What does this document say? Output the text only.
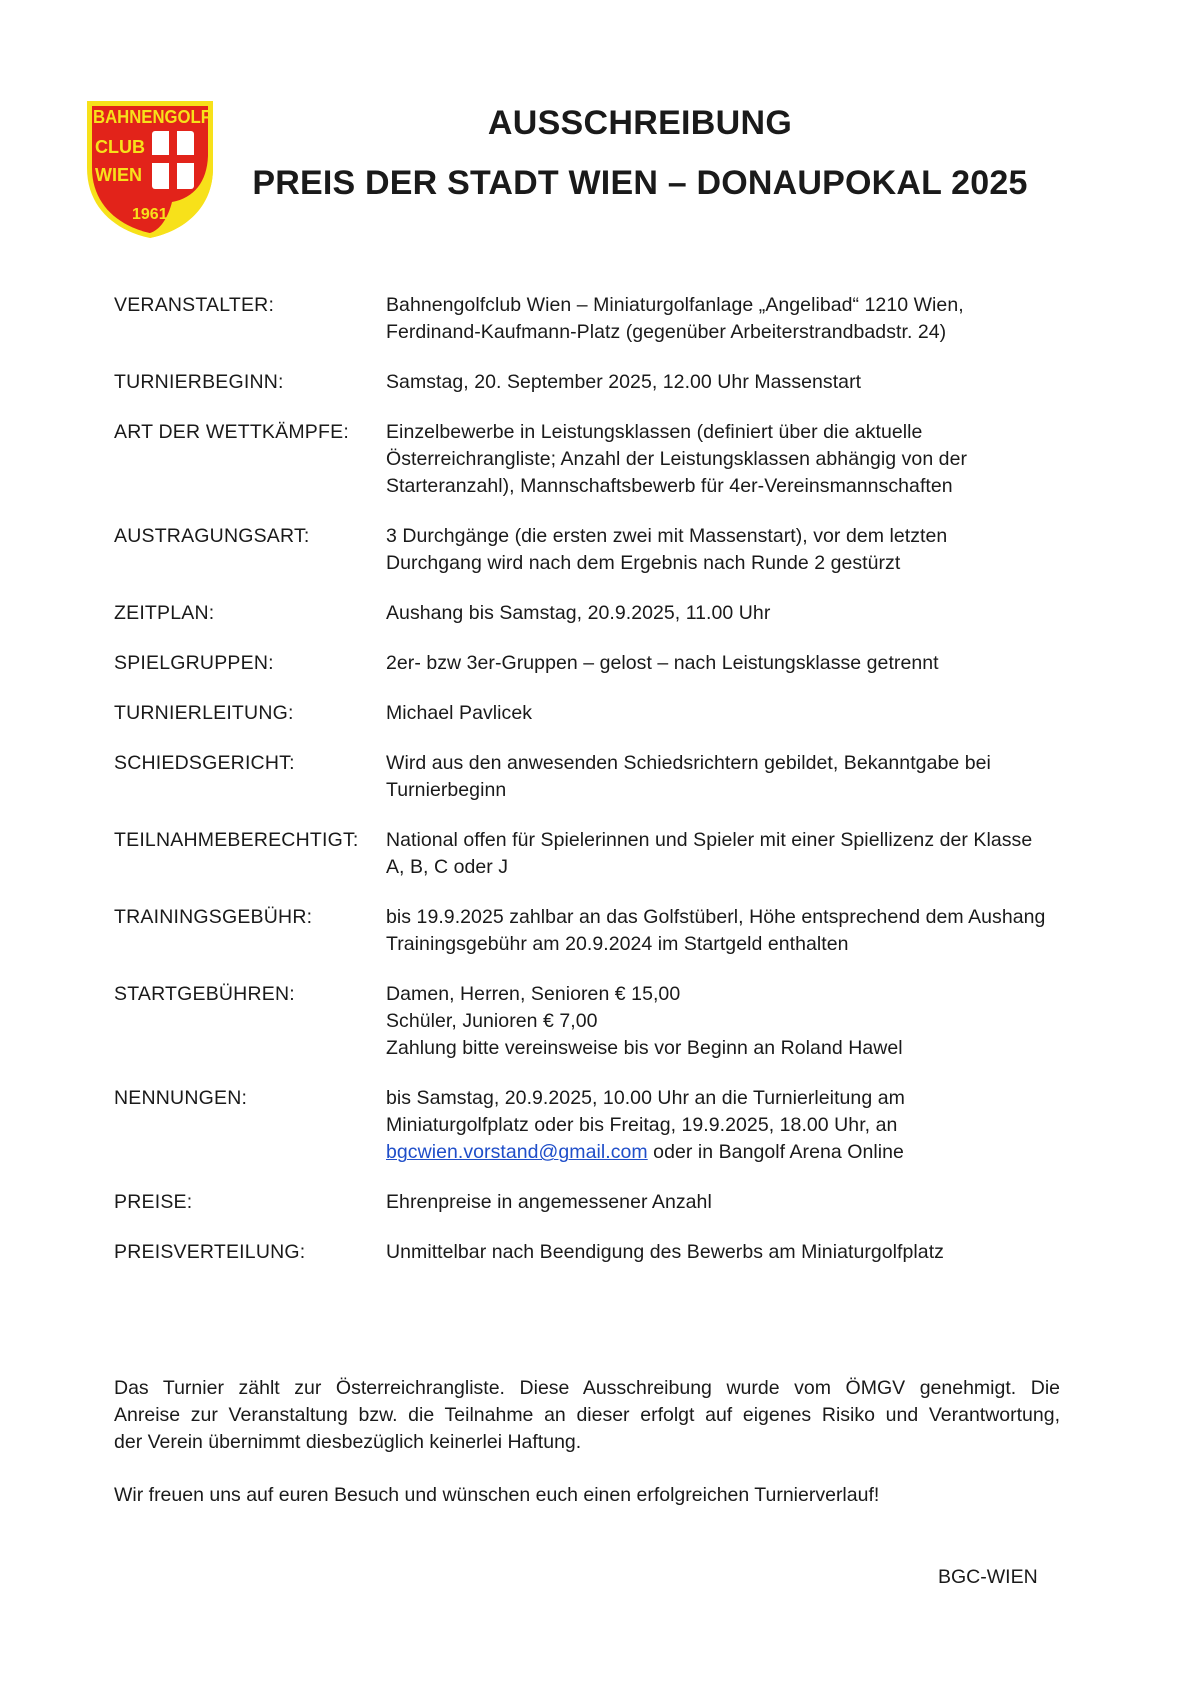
BAHNENGOLF
CLUB
WIEN
1961
AUSSCHREIBUNG
PREIS DER STADT WIEN – DONAUPOKAL 2025
VERANSTALTER:	Bahnengolfclub Wien – Miniaturgolfanlage „Angelibad“ 1210 Wien,
Ferdinand-Kaufmann-Platz (gegenüber Arbeiterstrandbadstr. 24)
TURNIERBEGINN:	Samstag, 20. September 2025, 12.00 Uhr Massenstart
ART DER WETTKÄMPFE:	Einzelbewerbe in Leistungsklassen (definiert über die aktuelle
Österreichrangliste; Anzahl der Leistungsklassen abhängig von der
Starteranzahl), Mannschaftsbewerb für 4er-Vereinsmannschaften
AUSTRAGUNGSART:	3 Durchgänge (die ersten zwei mit Massenstart), vor dem letzten
Durchgang wird nach dem Ergebnis nach Runde 2 gestürzt
ZEITPLAN:	Aushang bis Samstag, 20.9.2025, 11.00 Uhr
SPIELGRUPPEN:	2er- bzw 3er-Gruppen – gelost – nach Leistungsklasse getrennt
TURNIERLEITUNG:	Michael Pavlicek
SCHIEDSGERICHT:	Wird aus den anwesenden Schiedsrichtern gebildet, Bekanntgabe bei
Turnierbeginn
TEILNAHMEBERECHTIGT:	National offen für Spielerinnen und Spieler mit einer Spiellizenz der Klasse
A, B, C oder J
TRAININGSGEBÜHR:	bis 19.9.2025 zahlbar an das Golfstüberl, Höhe entsprechend dem Aushang
Trainingsgebühr am 20.9.2024 im Startgeld enthalten
STARTGEBÜHREN:	Damen, Herren, Senioren € 15,00
Schüler, Junioren € 7,00
Zahlung bitte vereinsweise bis vor Beginn an Roland Hawel
NENNUNGEN:	bis Samstag, 20.9.2025, 10.00 Uhr an die Turnierleitung am
Miniaturgolfplatz oder bis Freitag, 19.9.2025, 18.00 Uhr, an
bgcwien.vorstand@gmail.com oder in Bangolf Arena Online
PREISE:	Ehrenpreise in angemessener Anzahl
PREISVERTEILUNG:	Unmittelbar nach Beendigung des Bewerbs am Miniaturgolfplatz

Das Turnier zählt zur Österreichrangliste. Diese Ausschreibung wurde vom ÖMGV genehmigt. Die

Anreise zur Veranstaltung bzw. die Teilnahme an dieser erfolgt auf eigenes Risiko und Verantwortung,

der Verein übernimmt diesbezüglich keinerlei Haftung.

Wir freuen uns auf euren Besuch und wünschen euch einen erfolgreichen Turnierverlauf!
BGC-WIEN
